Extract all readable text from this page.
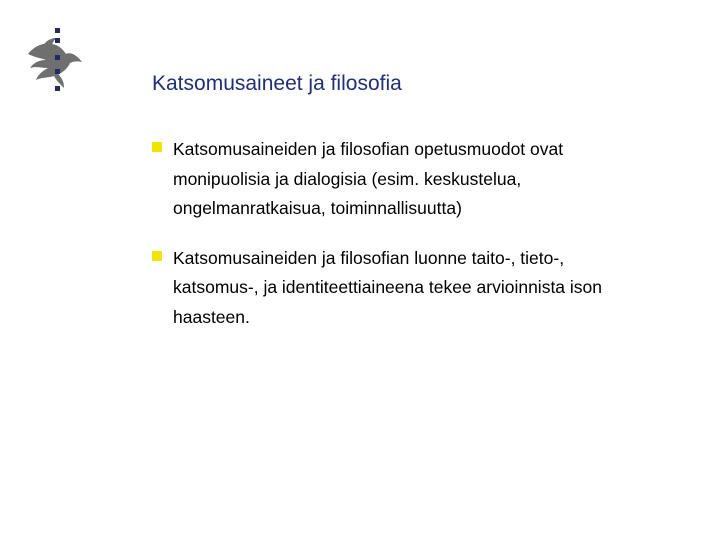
Katsomusaineet ja filosofia
Katsomusaineiden ja filosofian opetusmuodot ovat
monipuolisia ja dialogisia (esim. keskustelua,
ongelmanratkaisua, toiminnallisuutta)
Katsomusaineiden ja filosofian luonne taito-, tieto-,
katsomus-, ja identiteettiaineena tekee arvioinnista ison
haasteen.
